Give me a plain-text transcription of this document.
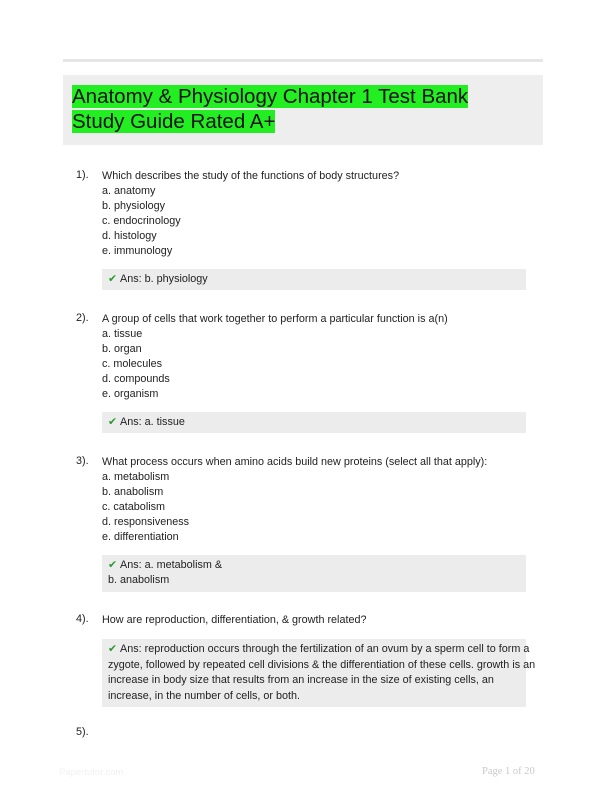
Anatomy & Physiology Chapter 1 Test Bank
Study Guide Rated A+
1). Which describes the study of the functions of body structures?
a. anatomy
b. physiology
c. endocrinology
d. histology
e. immunology
✔ Ans: b. physiology
2). A group of cells that work together to perform a particular function is a(n)
a. tissue
b. organ
c. molecules
d. compounds
e. organism
✔ Ans: a. tissue
3). What process occurs when amino acids build new proteins (select all that apply):
a. metabolism
b. anabolism
c. catabolism
d. responsiveness
e. differentiation
✔ Ans: a. metabolism &
b. anabolism
4). How are reproduction, differentiation, & growth related?
✔ Ans: reproduction occurs through the fertilization of an ovum by a sperm cell to form a
zygote, followed by repeated cell divisions & the differentiation of these cells. growth is an
increase in body size that results from an increase in the size of existing cells, an
increase, in the number of cells, or both.
5).
Papertutor.com	Page 1 of 20
